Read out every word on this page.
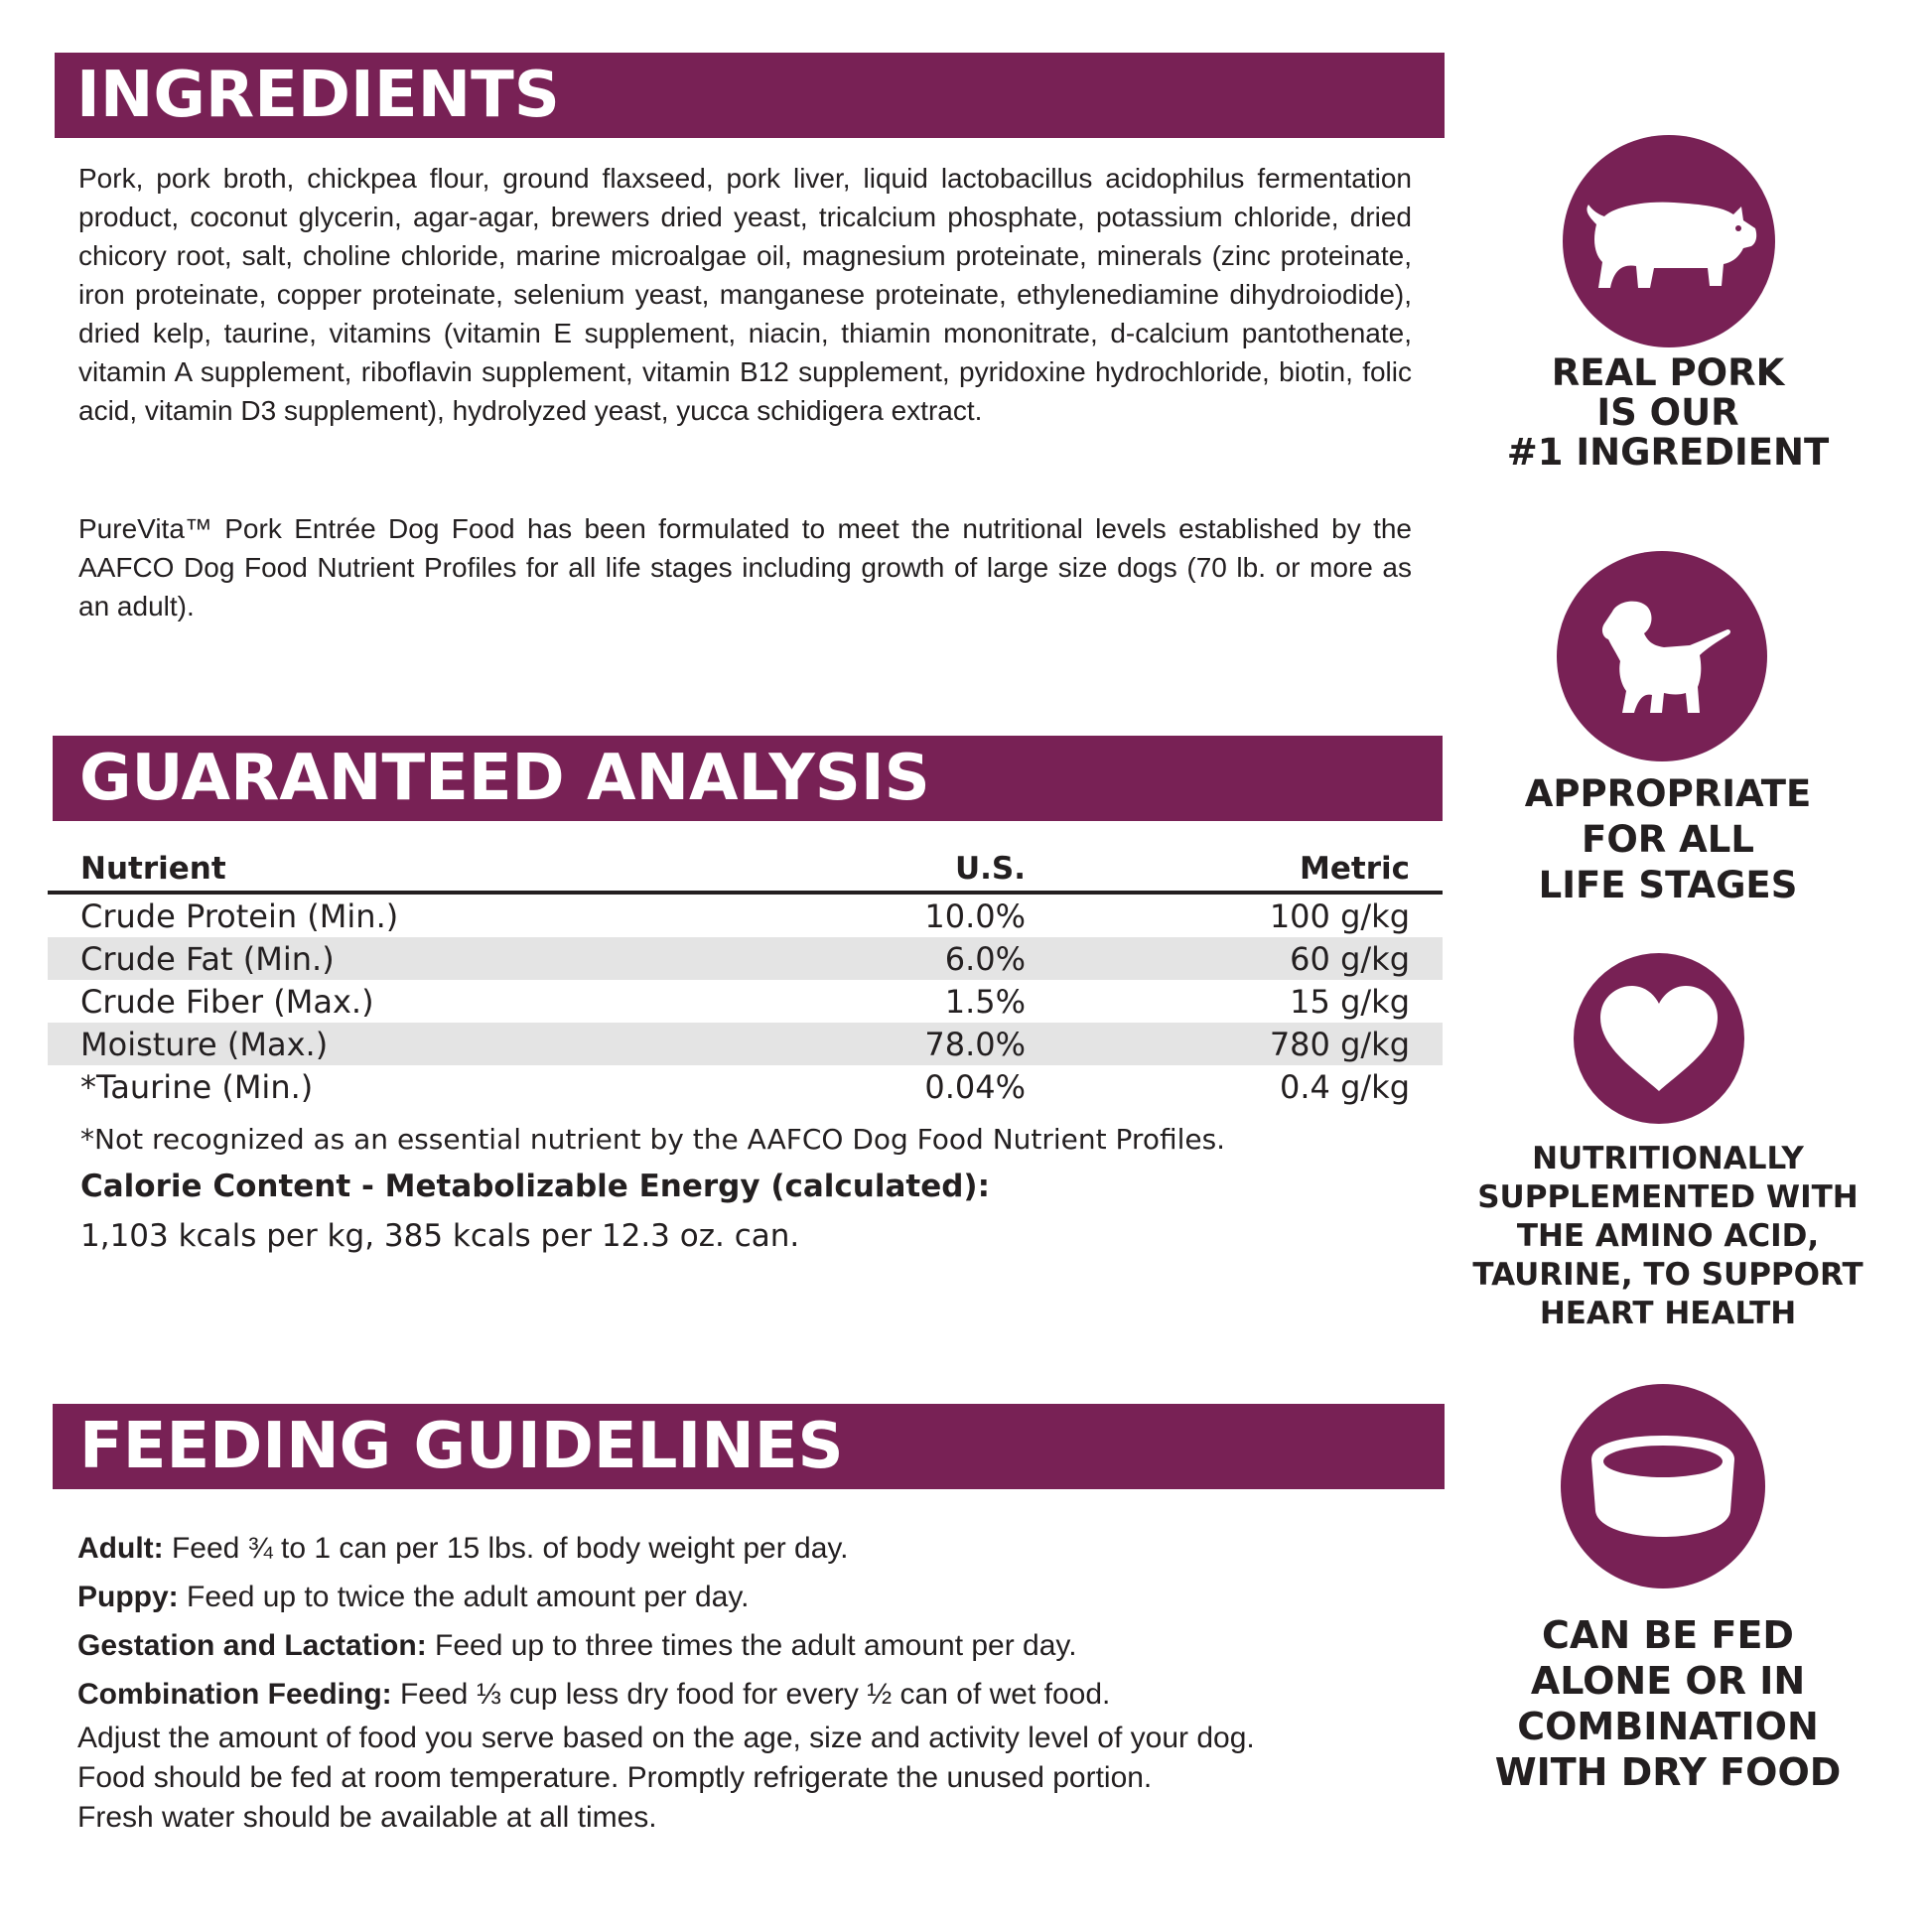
INGREDIENTS

Pork, pork broth, chickpea flour, ground flaxseed, pork liver, liquid lactobacillus acidophilus fermentation product, coconut glycerin, agar-agar, brewers dried yeast, tricalcium phosphate, potassium chloride, dried chicory root, salt, choline chloride, marine microalgae oil, magnesium proteinate, minerals (zinc proteinate, iron proteinate, copper proteinate, selenium yeast, manganese proteinate, ethylenediamine dihydroiodide), dried kelp, taurine, vitamins (vitamin E supplement, niacin, thiamin mononitrate, d-calcium pantothenate, vitamin A supplement, riboflavin supplement, vitamin B12 supplement, pyridoxine hydrochloride, biotin, folic acid, vitamin D3 supplement), hydrolyzed yeast, yucca schidigera extract.

PureVita™ Pork Entrée Dog Food has been formulated to meet the nutritional levels established by the AAFCO Dog Food Nutrient Profiles for all life stages including growth of large size dogs (70 lb. or more as an adult).

GUARANTEED ANALYSIS
Nutrient	U.S.	Metric
Crude Protein (Min.)	10.0%	100 g/kg
Crude Fat (Min.)	6.0%	60 g/kg
Crude Fiber (Max.)	1.5%	15 g/kg
Moisture (Max.)	78.0%	780 g/kg
*Taurine (Min.)	0.04%	0.4 g/kg
*Not recognized as an essential nutrient by the AAFCO Dog Food Nutrient Profiles.
Calorie Content - Metabolizable Energy (calculated):
1,103 kcals per kg, 385 kcals per 12.3 oz. can.
FEEDING GUIDELINES
Adult: Feed ¾ to 1 can per 15 lbs. of body weight per day.
Puppy: Feed up to twice the adult amount per day.
Gestation and Lactation: Feed up to three times the adult amount per day.
Combination Feeding: Feed ⅓ cup less dry food for every ½ can of wet food.
Adjust the amount of food you serve based on the age, size and activity level of your dog.
Food should be fed at room temperature. Promptly refrigerate the unused portion.
Fresh water should be available at all times.
REAL PORK
IS OUR
#1 INGREDIENT
APPROPRIATE
FOR ALL
LIFE STAGES
NUTRITIONALLY
SUPPLEMENTED WITH
THE AMINO ACID,
TAURINE, TO SUPPORT
HEART HEALTH
CAN BE FED
ALONE OR IN
COMBINATION
WITH DRY FOOD
